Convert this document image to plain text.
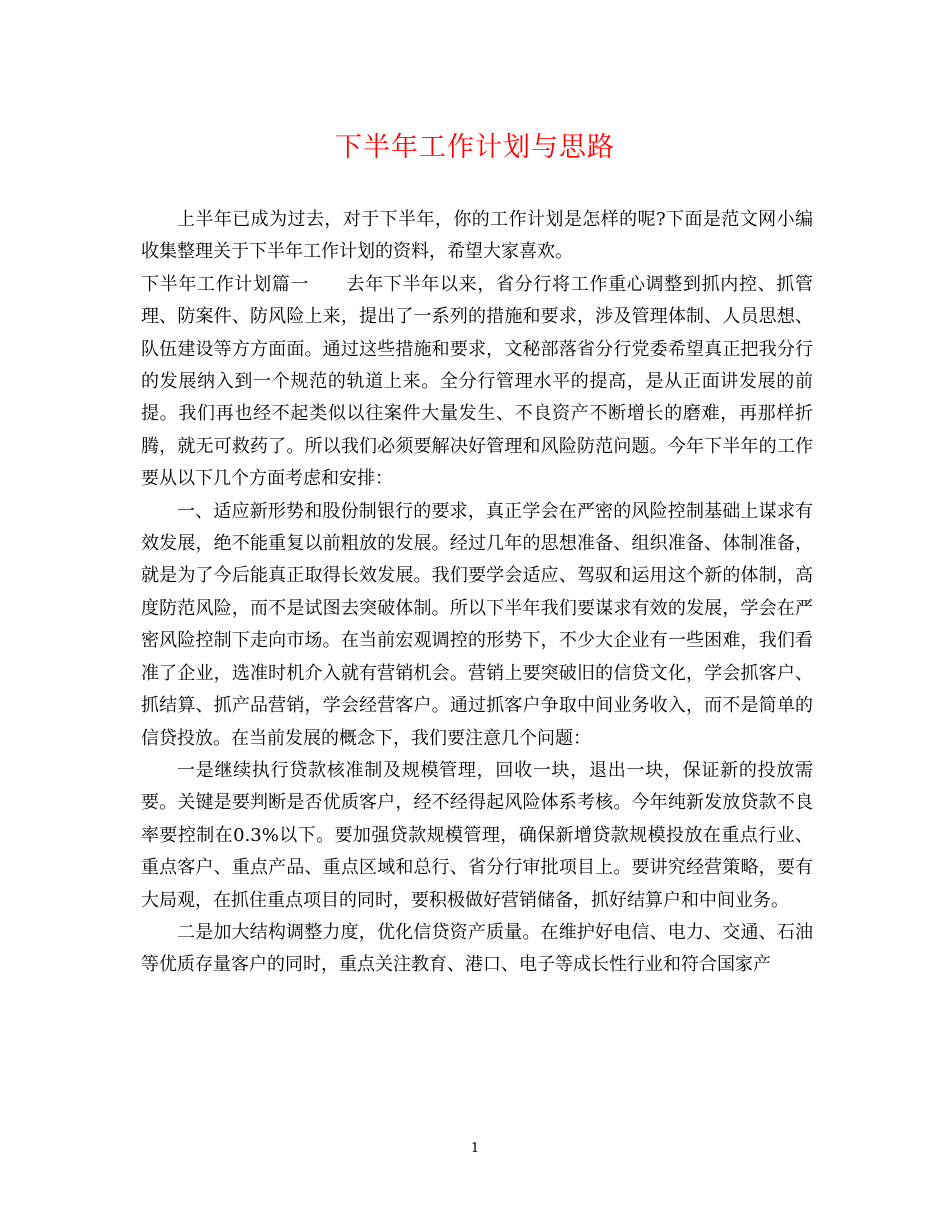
下半年工作计划与思路

上半年已成为过去，对于下半年，你的工作计划是怎样的呢?下面是范文网小编收集整理关于下半年工作计划的资料，希望大家喜欢。

下半年工作计划篇一　　去年下半年以来，省分行将工作重心调整到抓内控、抓管理、防案件、防风险上来，提出了一系列的措施和要求，涉及管理体制、人员思想、队伍建设等方方面面。通过这些措施和要求，文秘部落省分行党委希望真正把我分行的发展纳入到一个规范的轨道上来。全分行管理水平的提高，是从正面讲发展的前提。我们再也经不起类似以往案件大量发生、不良资产不断增长的磨难，再那样折腾，就无可救药了。所以我们必须要解决好管理和风险防范问题。今年下半年的工作要从以下几个方面考虑和安排：

一、适应新形势和股份制银行的要求，真正学会在严密的风险控制基础上谋求有效发展，绝不能重复以前粗放的发展。经过几年的思想准备、组织准备、体制准备，就是为了今后能真正取得长效发展。我们要学会适应、驾驭和运用这个新的体制，高度防范风险，而不是试图去突破体制。所以下半年我们要谋求有效的发展，学会在严密风险控制下走向市场。在当前宏观调控的形势下，不少大企业有一些困难，我们看准了企业，选准时机介入就有营销机会。营销上要突破旧的信贷文化，学会抓客户、抓结算、抓产品营销，学会经营客户。通过抓客户争取中间业务收入，而不是简单的信贷投放。在当前发展的概念下，我们要注意几个问题：

一是继续执行贷款核准制及规模管理，回收一块，退出一块，保证新的投放需要。关键是要判断是否优质客户，经不经得起风险体系考核。今年纯新发放贷款不良率要控制在0.3%以下。要加强贷款规模管理，确保新增贷款规模投放在重点行业、重点客户、重点产品、重点区域和总行、省分行审批项目上。要讲究经营策略，要有大局观，在抓住重点项目的同时，要积极做好营销储备，抓好结算户和中间业务。

二是加大结构调整力度，优化信贷资产质量。在维护好电信、电力、交通、石油等优质存量客户的同时，重点关注教育、港口、电子等成长性行业和符合国家产

1
